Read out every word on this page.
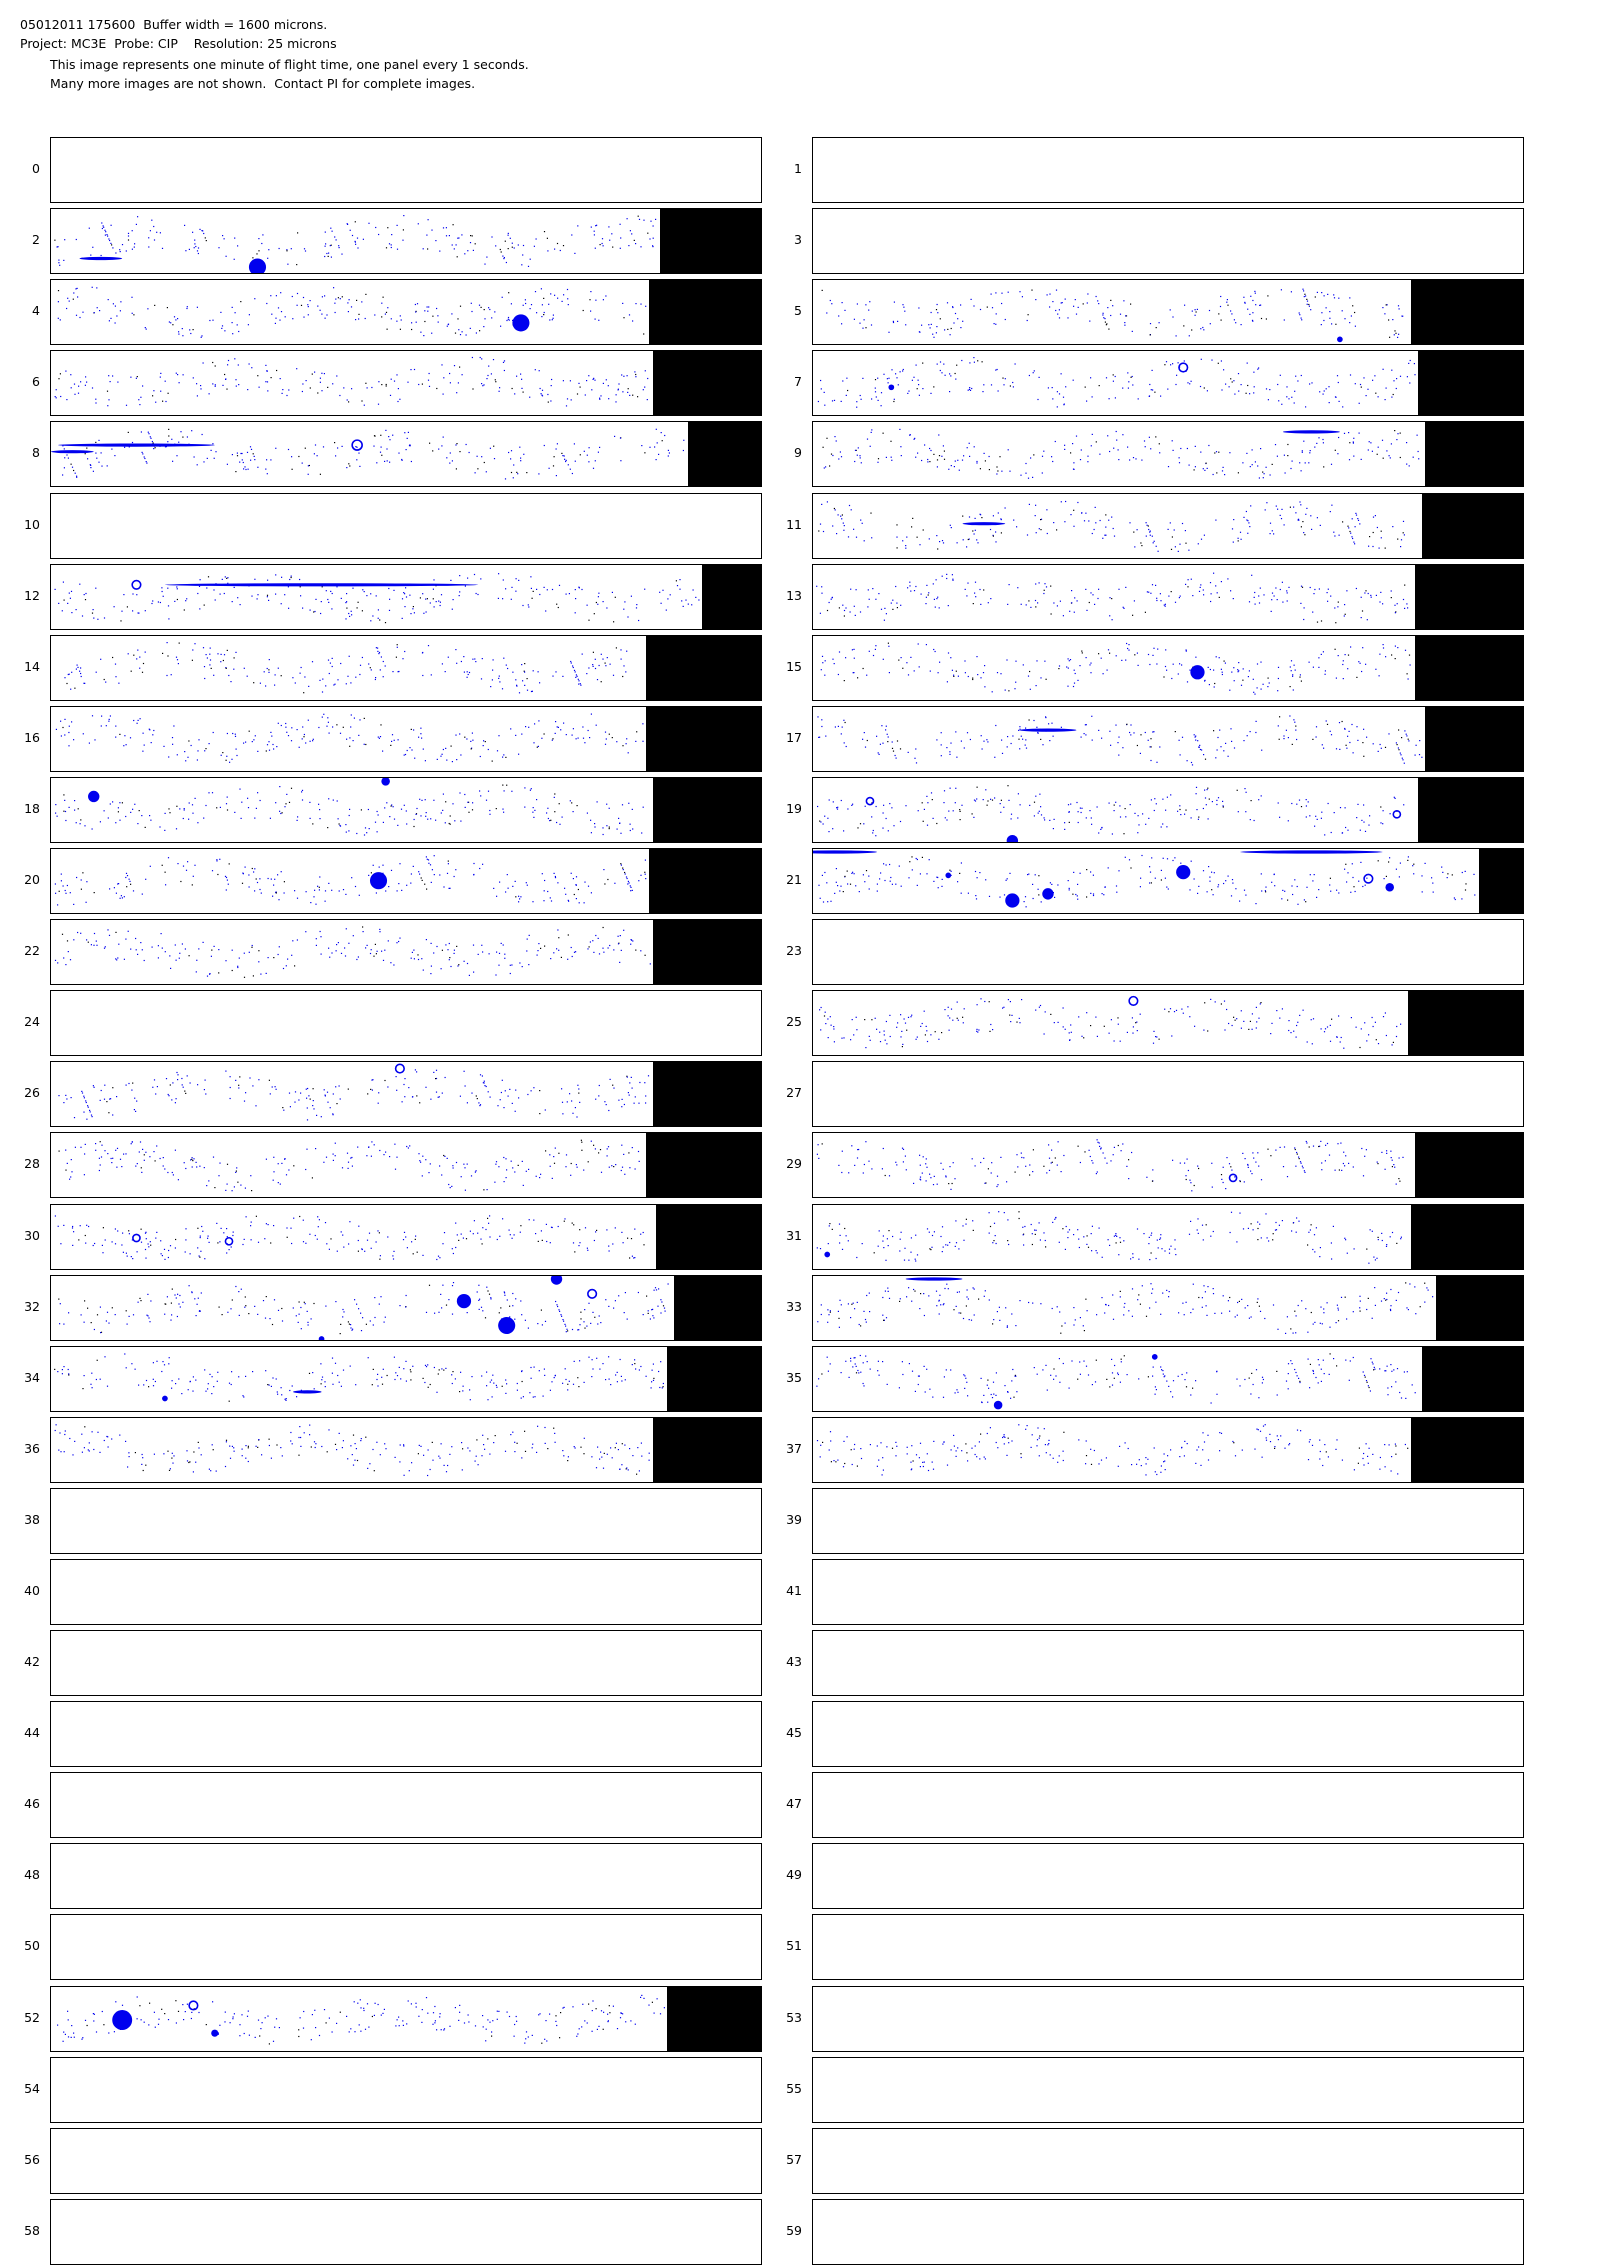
05012011 175600  Buffer width = 1600 microns.
Project: MC3E  Probe: CIP    Resolution: 25 microns
This image represents one minute of flight time, one panel every 1 seconds.
Many more images are not shown.  Contact PI for complete images.
0	1
2	3
4	5
6	7
8	9
10	11
12	13
14	15
16	17
18	19
20	21
22	23
24	25
26	27
28	29
30	31
32	33
34	35
36	37
38	39
40	41
42	43
44	45
46	47
48	49
50	51
52	53
54	55
56	57
58	59
